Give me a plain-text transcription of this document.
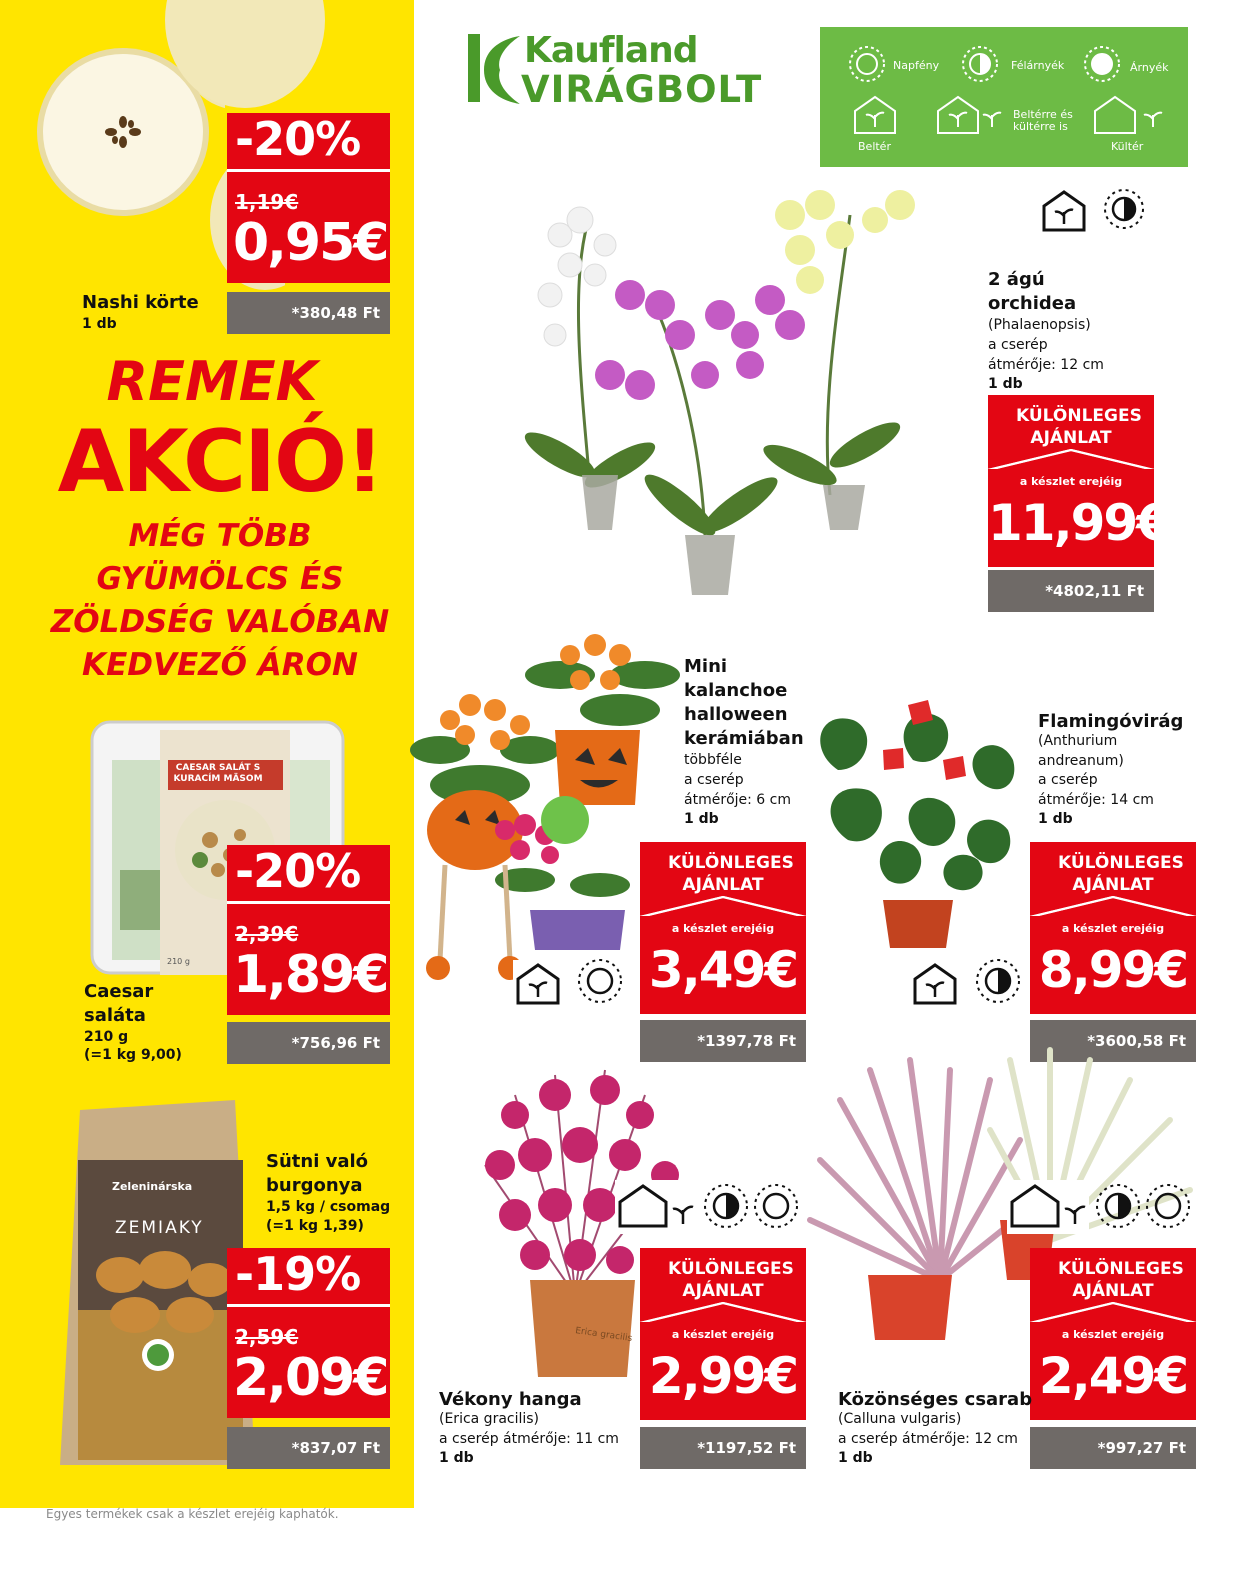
-20%
1,19€
0,95€
*380,48 Ft
Nashi körte
1 db
REMEK
AKCIÓ!
MÉG TÖBB
GYÜMÖLCS ÉS
ZÖLDSÉG VALÓBAN
KEDVEZŐ ÁRON
CAESAR SALÁT S KURACÍM MÄSOM
210 g
-20%
2,39€
1,89€
*756,96 Ft
Caesar saláta
210 g
(=1 kg 9,00)
Zeleninárska
ZEMIAKY
-19%
2,59€
2,09€
*837,07 Ft
Sütni való burgonya
1,5 kg / csomag
(=1 kg 1,39)
Kaufland
VIRÁGBOLT
Napfény	Félárnyék	Árnyék
Beltér
Beltérre és kültérre is
Kültér
2 ágú orchidea
(Phalaenopsis)
a cserép átmérője: 12 cm
1 db
KÜLÖNLEGES AJÁNLAT
a készlet erejéig
11,99€
*4802,11 Ft
Mini kalanchoe halloween kerámiában
többféle
a cserép átmérője: 6 cm
1 db
KÜLÖNLEGES AJÁNLAT
a készlet erejéig
3,49€
*1397,78 Ft
Flamingóvirág
(Anthurium andreanum)
a cserép átmérője: 14 cm
1 db
KÜLÖNLEGES AJÁNLAT
a készlet erejéig
8,99€
*3600,58 Ft
Erica gracilis
KÜLÖNLEGES AJÁNLAT
a készlet erejéig
2,99€
*1197,52 Ft
Vékony hanga
(Erica gracilis)
a cserép átmérője: 11 cm
1 db
KÜLÖNLEGES AJÁNLAT
a készlet erejéig
2,49€
*997,27 Ft
Közönséges csarab
(Calluna vulgaris)
a cserép átmérője: 12 cm
1 db
Egyes termékek csak a készlet erejéig kaphatók.
